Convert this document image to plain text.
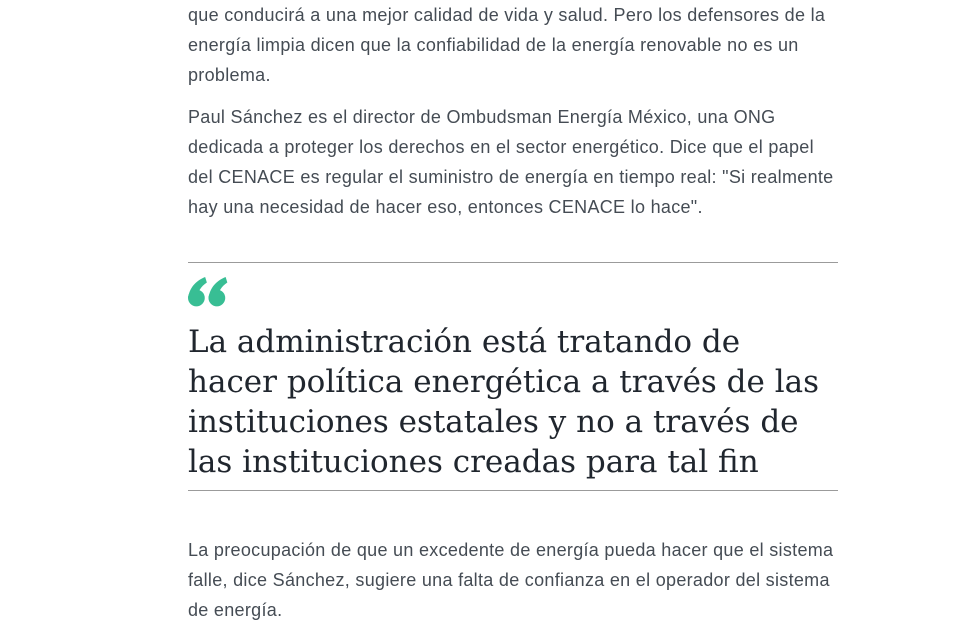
que conducirá a una mejor calidad de vida y salud. Pero los defensores de la energía limpia dicen que la confiabilidad de la energía renovable no es un problema.

Paul Sánchez es el director de Ombudsman Energía México, una ONG dedicada a proteger los derechos en el sector energético. Dice que el papel del CENACE es regular el suministro de energía en tiempo real: "Si realmente hay una necesidad de hacer eso, entonces CENACE lo hace".

La administración está tratando de hacer política energética a través de las instituciones estatales y no a través de las instituciones creadas para tal fin

La preocupación de que un excedente de energía pueda hacer que el sistema falle, dice Sánchez, sugiere una falta de confianza en el operador del sistema de energía.
